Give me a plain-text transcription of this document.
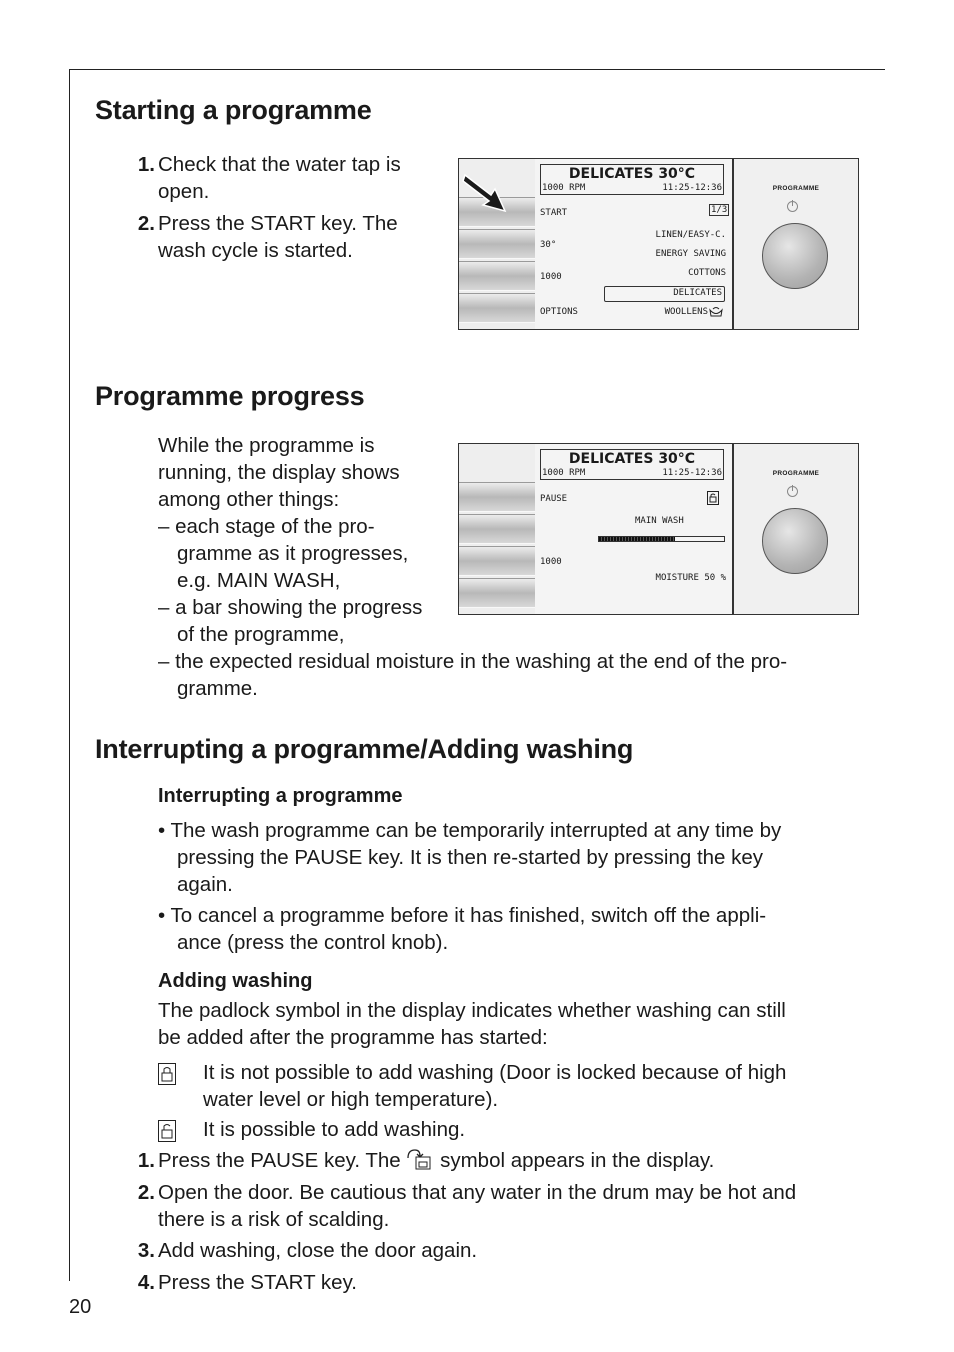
Starting a programme
1. Check that the water tap is
open.
2. Press the START key. The
wash cycle is started.
DELICATES 30°C
1000 RPM	11:25-12:36
START	1/3
30°
1000
OPTIONS
LINEN/EASY-C.
ENERGY SAVING
COTTONS
DELICATES
WOOLLENS
PROGRAMME
Programme progress
While the programme is
running, the display shows
among other things:
– each stage of the pro-
gramme as it progresses,
e.g. MAIN WASH,
– a bar showing the progress
of the programme,
– the expected residual moisture in the washing at the end of the pro-
gramme.
DELICATES 30°C
1000 RPM	11:25-12:36
PAUSE
MAIN WASH
1000
MOISTURE 50 %
PROGRAMME
Interrupting a programme/Adding washing
Interrupting a programme
• The wash programme can be temporarily interrupted at any time by
pressing the PAUSE key. It is then re-started by pressing the key
again.
• To cancel a programme before it has finished, switch off the appli-
ance (press the control knob).
Adding washing
The padlock symbol in the display indicates whether washing can still
be added after the programme has started:
It is not possible to add washing (Door is locked because of high
water level or high temperature).
It is possible to add washing.
1. Press the PAUSE key. The symbol appears in the display.
2. Open the door. Be cautious that any water in the drum may be hot and
there is a risk of scalding.
3. Add washing, close the door again.
4. Press the START key.
20
